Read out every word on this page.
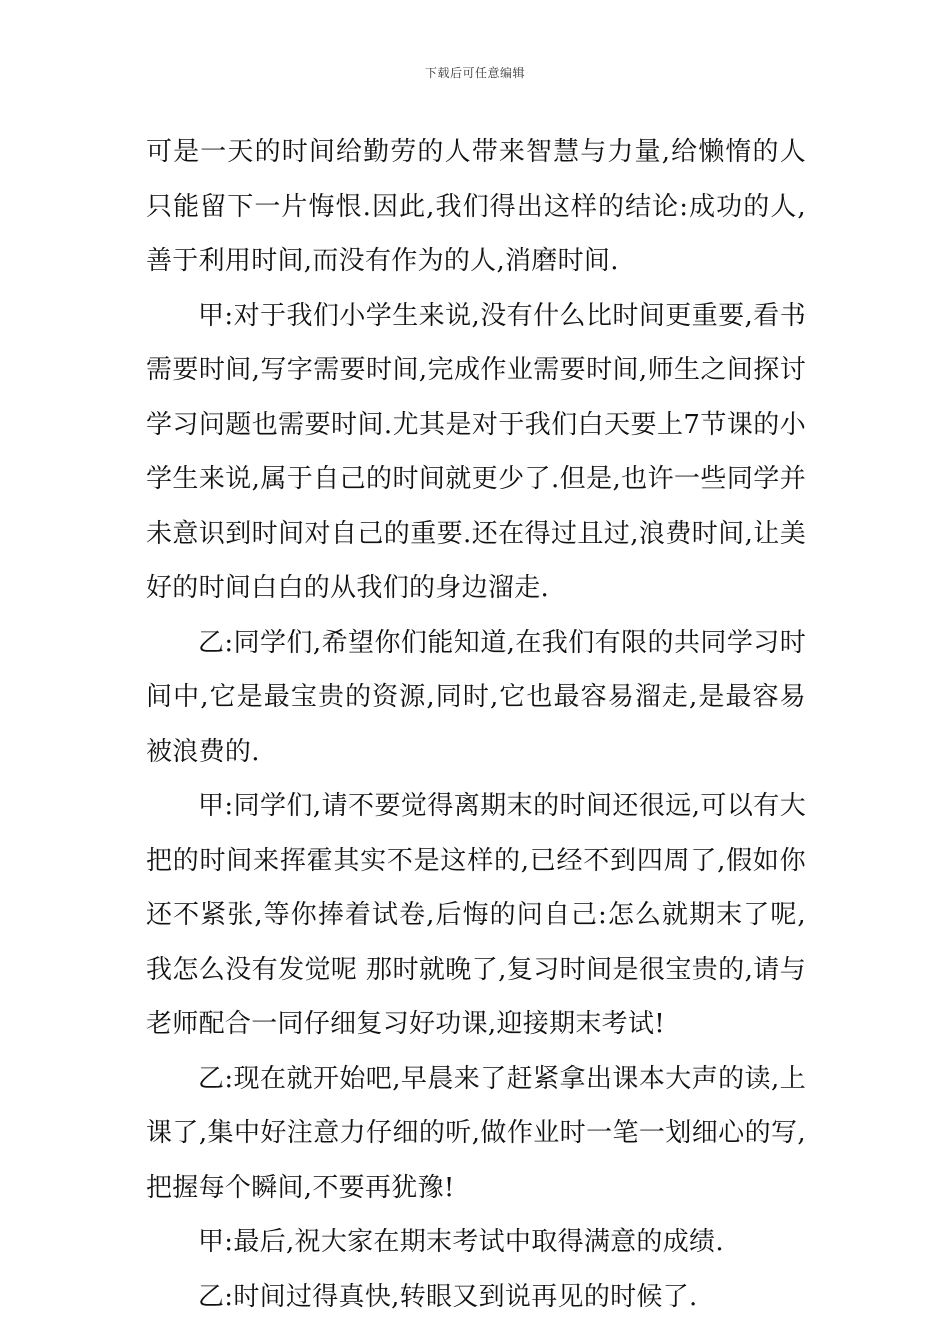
下载后可任意编辑

可是一天的时间给勤劳的人带来智慧与力量,给懒惰的人只能留下一片悔恨.因此,我们得出这样的结论:成功的人,善于利用时间,而没有作为的人,消磨时间.

甲:对于我们小学生来说,没有什么比时间更重要,看书需要时间,写字需要时间,完成作业需要时间,师生之间探讨学习问题也需要时间.尤其是对于我们白天要上7节课的小学生来说,属于自己的时间就更少了.但是,也许一些同学并未意识到时间对自己的重要.还在得过且过,浪费时间,让美好的时间白白的从我们的身边溜走.

乙:同学们,希望你们能知道,在我们有限的共同学习时间中,它是最宝贵的资源,同时,它也最容易溜走,是最容易被浪费的.

甲:同学们,请不要觉得离期末的时间还很远,可以有大把的时间来挥霍其实不是这样的,已经不到四周了,假如你还不紧张,等你捧着试卷,后悔的问自己:怎么就期末了呢,我怎么没有发觉呢 那时就晚了,复习时间是很宝贵的,请与老师配合一同仔细复习好功课,迎接期末考试!

乙:现在就开始吧,早晨来了赶紧拿出课本大声的读,上课了,集中好注意力仔细的听,做作业时一笔一划细心的写,把握每个瞬间,不要再犹豫!

甲:最后,祝大家在期末考试中取得满意的成绩.

乙:时间过得真快,转眼又到说再见的时候了.
